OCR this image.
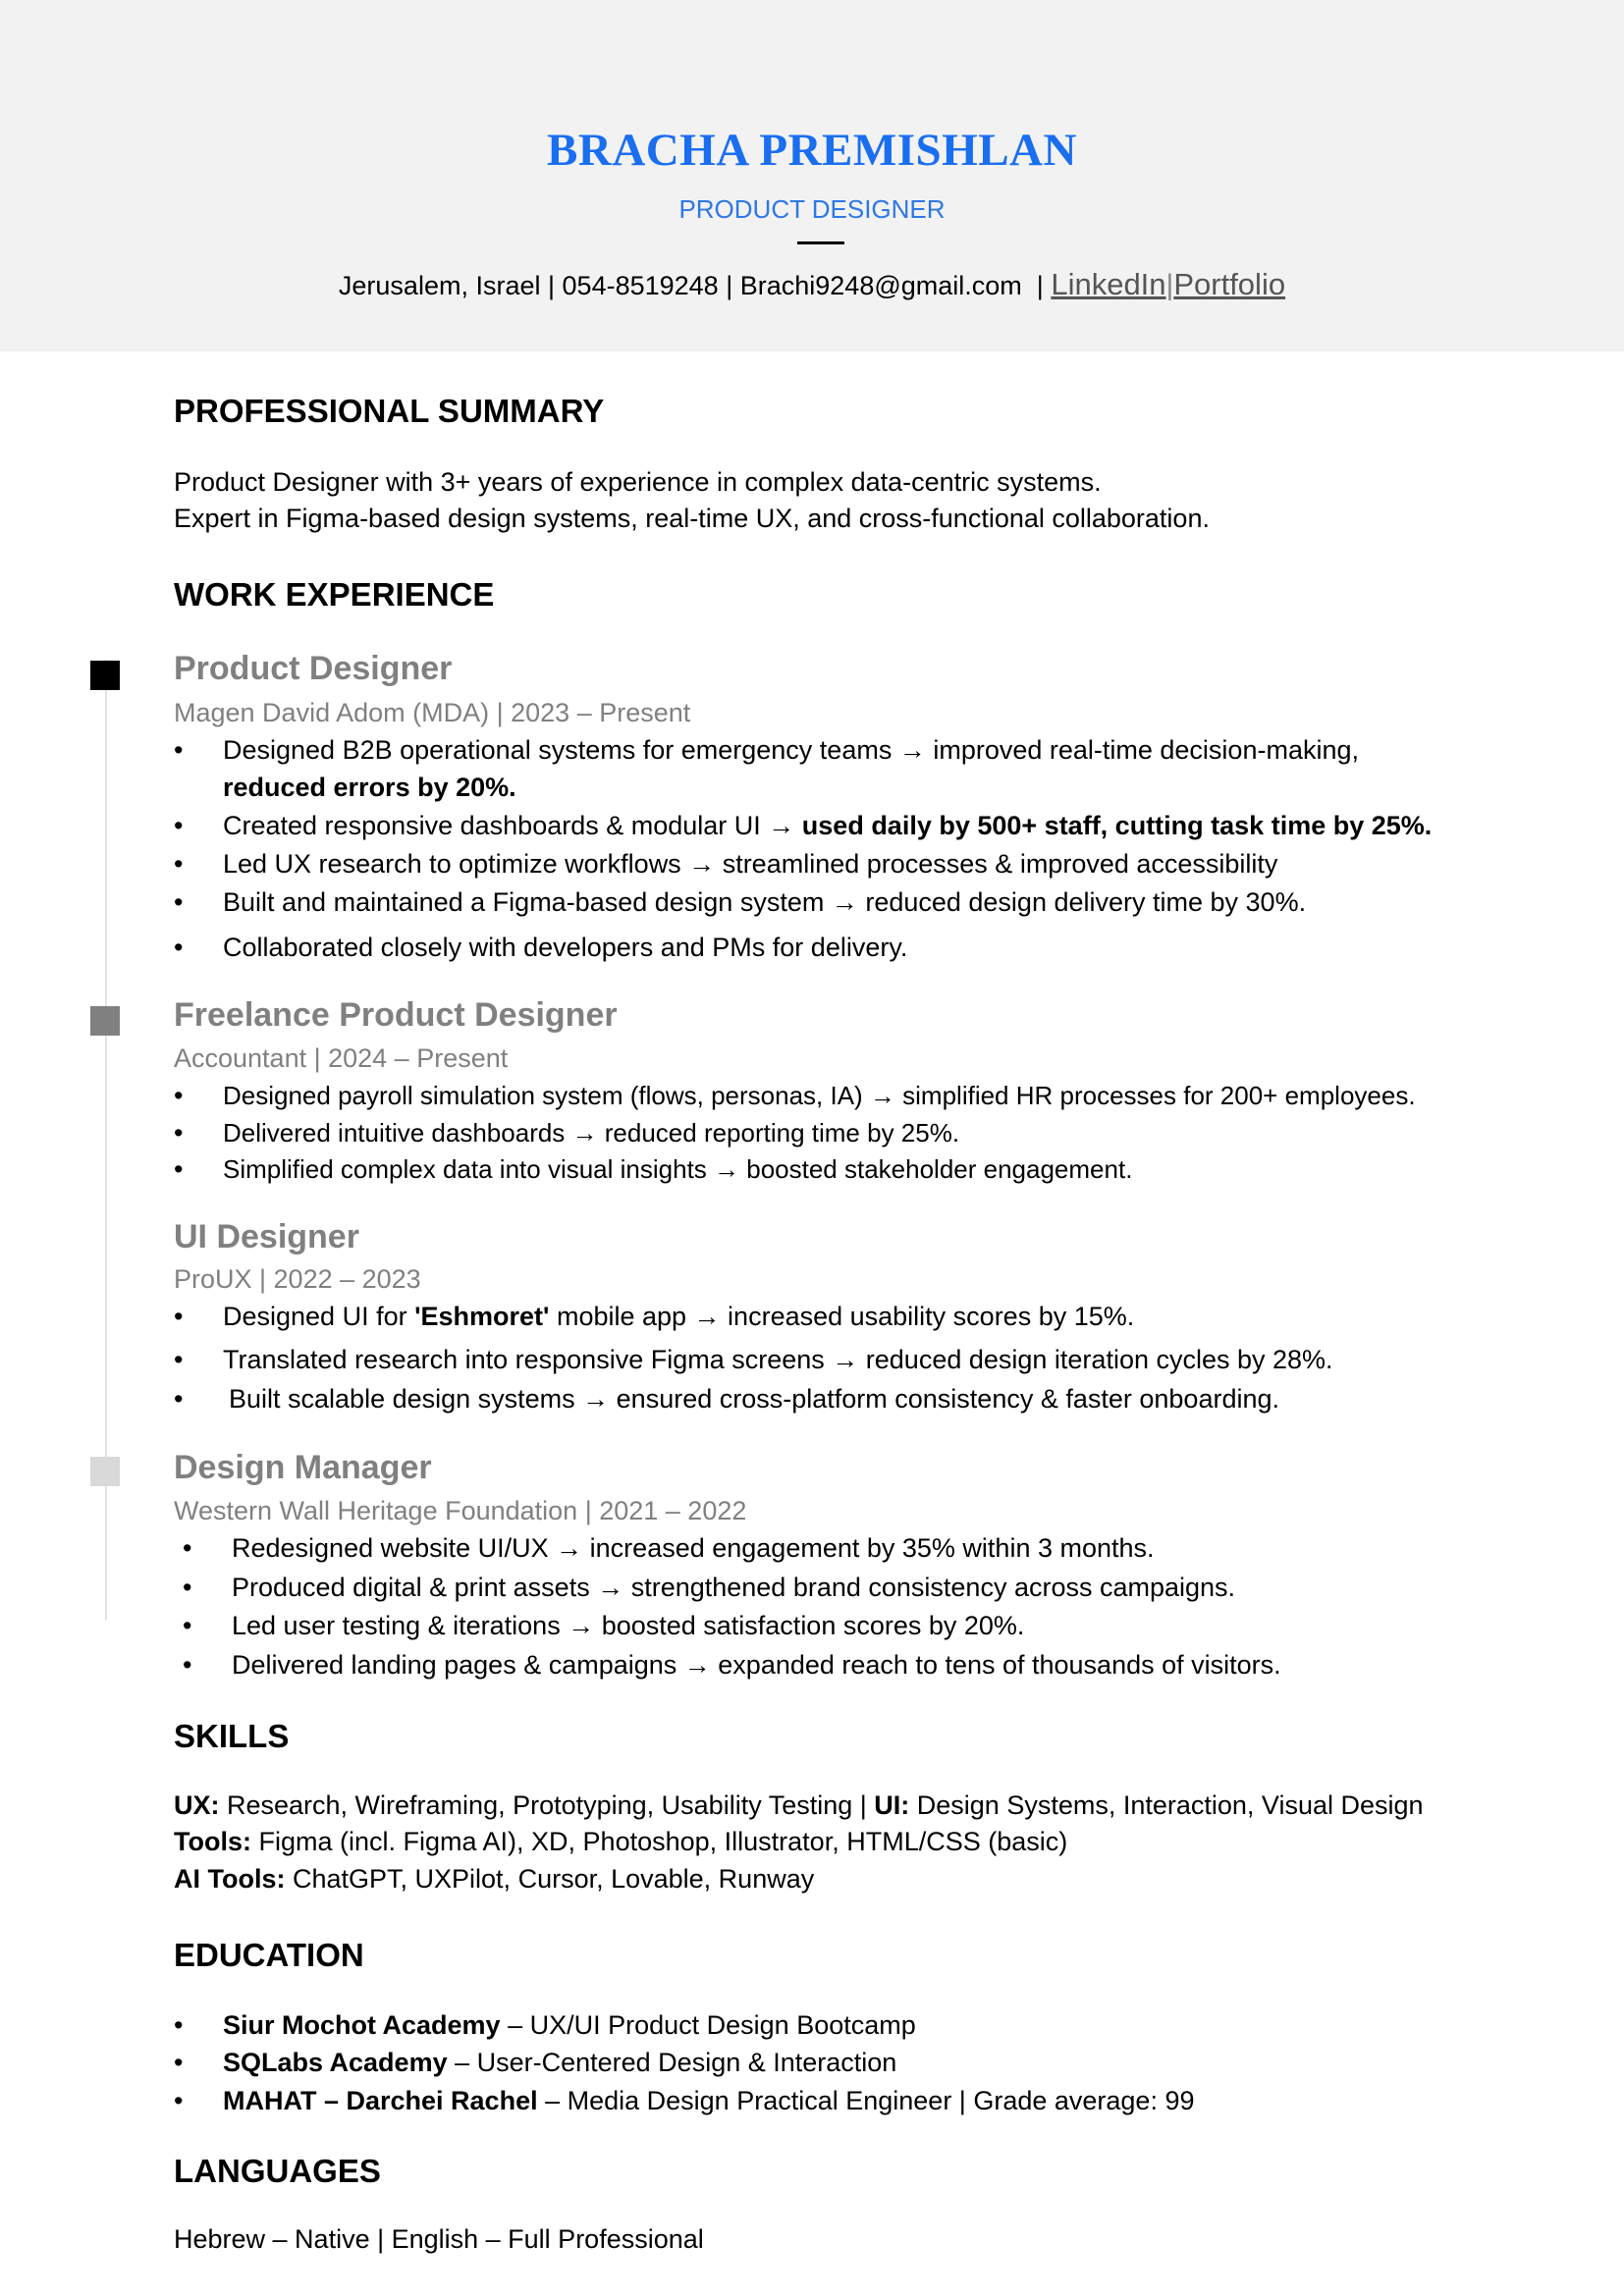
BRACHA PREMISHLAN
PRODUCT DESIGNER
Jerusalem, Israel | 054-8519248 | Brachi9248@gmail.com | LinkedIn|Portfolio
PROFESSIONAL SUMMARY
Product Designer with 3+ years of experience in complex data-centric systems.
Expert in Figma-based design systems, real-time UX, and cross-functional collaboration.
WORK EXPERIENCE
Product Designer
Magen David Adom (MDA) | 2023 – Present
• Designed B2B operational systems for emergency teams → improved real-time decision-making,
reduced errors by 20%.
• Created responsive dashboards & modular UI → used daily by 500+ staff, cutting task time by 25%.
• Led UX research to optimize workflows → streamlined processes & improved accessibility
• Built and maintained a Figma-based design system → reduced design delivery time by 30%.
• Collaborated closely with developers and PMs for delivery.
Freelance Product Designer
Accountant | 2024 – Present
• Designed payroll simulation system (flows, personas, IA) → simplified HR processes for 200+ employees.
• Delivered intuitive dashboards → reduced reporting time by 25%.
• Simplified complex data into visual insights → boosted stakeholder engagement.
UI Designer
ProUX | 2022 – 2023
• Designed UI for 'Eshmoret' mobile app → increased usability scores by 15%.
• Translated research into responsive Figma screens → reduced design iteration cycles by 28%.
• Built scalable design systems → ensured cross-platform consistency & faster onboarding.
Design Manager
Western Wall Heritage Foundation | 2021 – 2022
• Redesigned website UI/UX → increased engagement by 35% within 3 months.
• Produced digital & print assets → strengthened brand consistency across campaigns.
• Led user testing & iterations → boosted satisfaction scores by 20%.
• Delivered landing pages & campaigns → expanded reach to tens of thousands of visitors.
SKILLS
UX: Research, Wireframing, Prototyping, Usability Testing | UI: Design Systems, Interaction, Visual Design
Tools: Figma (incl. Figma AI), XD, Photoshop, Illustrator, HTML/CSS (basic)
AI Tools: ChatGPT, UXPilot, Cursor, Lovable, Runway
EDUCATION
• Siur Mochot Academy – UX/UI Product Design Bootcamp
• SQLabs Academy – User-Centered Design & Interaction
• MAHAT – Darchei Rachel – Media Design Practical Engineer | Grade average: 99
LANGUAGES
Hebrew – Native | English – Full Professional
